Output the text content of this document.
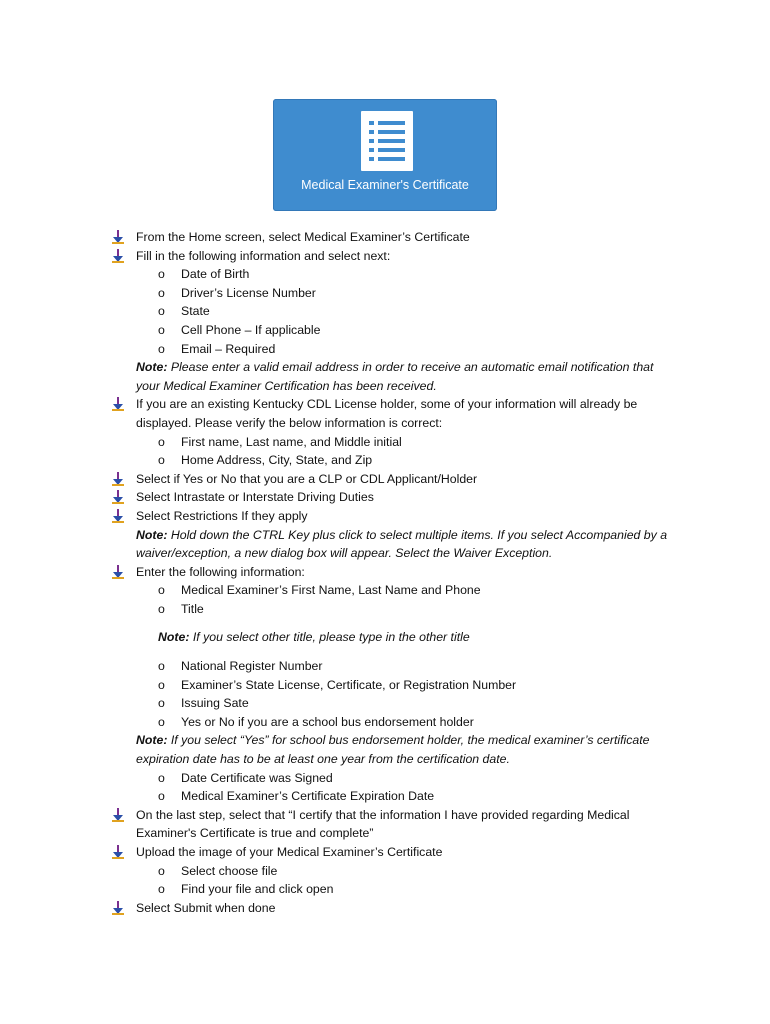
Medical Examiner's Certificate
From the Home screen, select Medical Examiner’s Certificate
Fill in the following information and select next:
o Date of Birth
o Driver’s License Number
o State
o Cell Phone – If applicable
o Email – Required
Note: Please enter a valid email address in order to receive an automatic email notification that
your Medical Examiner Certification has been received.
If you are an existing Kentucky CDL License holder, some of your information will already be
displayed. Please verify the below information is correct:
o First name, Last name, and Middle initial
o Home Address, City, State, and Zip
Select if Yes or No that you are a CLP or CDL Applicant/Holder
Select Intrastate or Interstate Driving Duties
Select Restrictions If they apply
Note: Hold down the CTRL Key plus click to select multiple items. If you select Accompanied by a
waiver/exception, a new dialog box will appear. Select the Waiver Exception.
Enter the following information:
o Medical Examiner’s First Name, Last Name and Phone
o Title
Note: If you select other title, please type in the other title
o National Register Number
o Examiner’s State License, Certificate, or Registration Number
o Issuing Sate
o Yes or No if you are a school bus endorsement holder
Note: If you select “Yes” for school bus endorsement holder, the medical examiner’s certificate
expiration date has to be at least one year from the certification date.
o Date Certificate was Signed
o Medical Examiner’s Certificate Expiration Date
On the last step, select that “I certify that the information I have provided regarding Medical
Examiner's Certificate is true and complete”
Upload the image of your Medical Examiner’s Certificate
o Select choose file
o Find your file and click open
Select Submit when done
